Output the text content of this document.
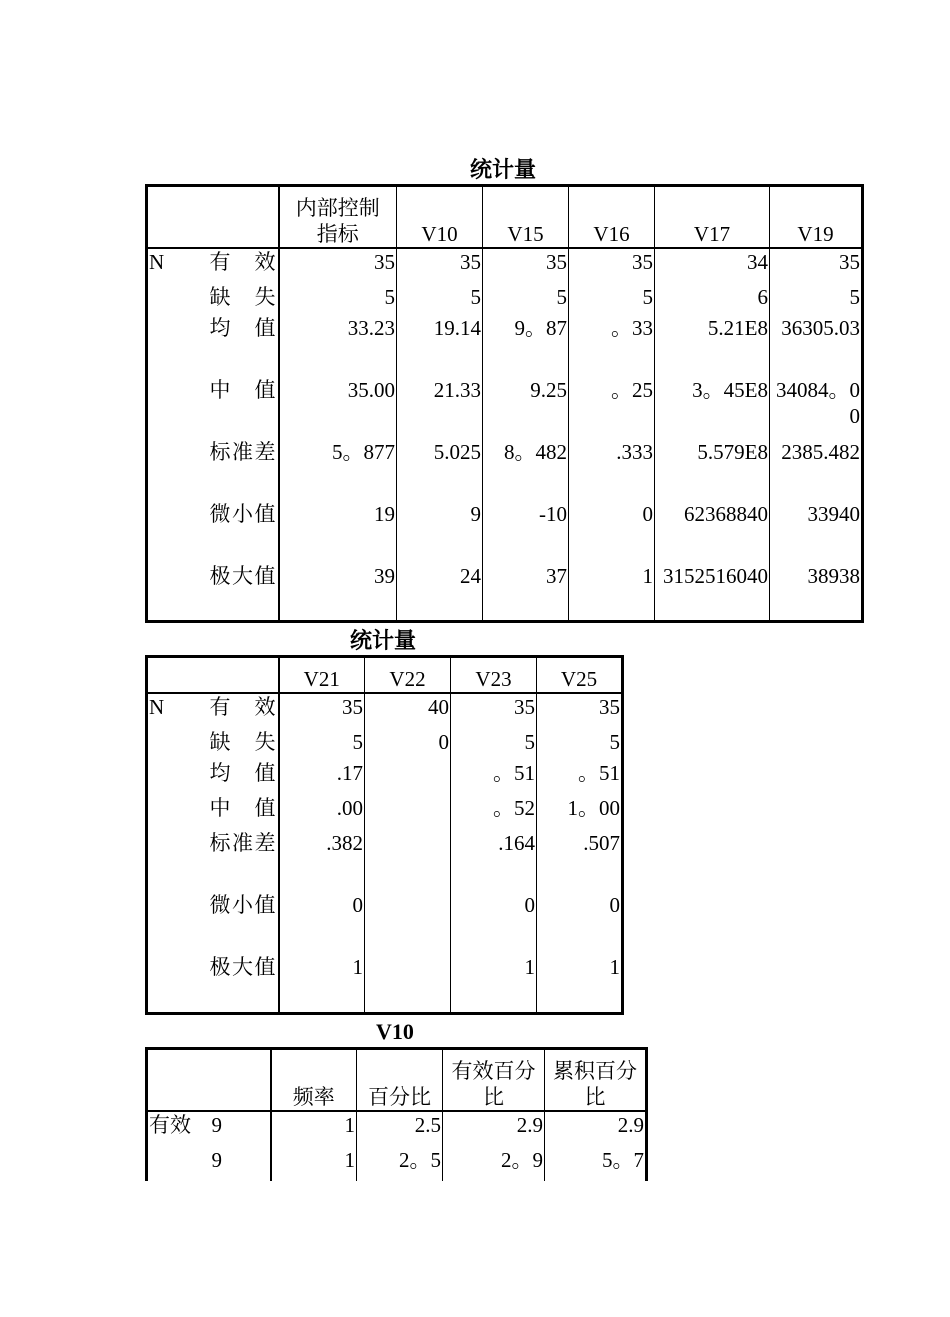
统计量
		内部控制指标	V10	V15	V16	V17	V19
N	有效	35	35	35	35	34	35
	缺失	5	5	5	5	6	5
	均值	33.23	19.14	9。87	。33	5.21E8	36305.03
	中值	35.00	21.33	9.25	。25	3。45E8	34084。00
	标准差	5。877	5.025	8。482	.333	5.579E8	2385.482
	微小值	19	9	-10	0	62368840	33940
	极大值	39	24	37	1	3152516040	38938
统计量
		V21	V22	V23	V25
N	有效	35	40	35	35
	缺失	5	0	5	5
	均值	.17		。51	。51
	中值	.00		。52	1。00
	标准差	.382		.164	.507
	微小值	0		0	0
	极大值	1		1	1
V10
		频率	百分比	有效百分比	累积百分比
有效	9	1	2.5	2.9	2.9
	9	1	2。5	2。9	5。7
